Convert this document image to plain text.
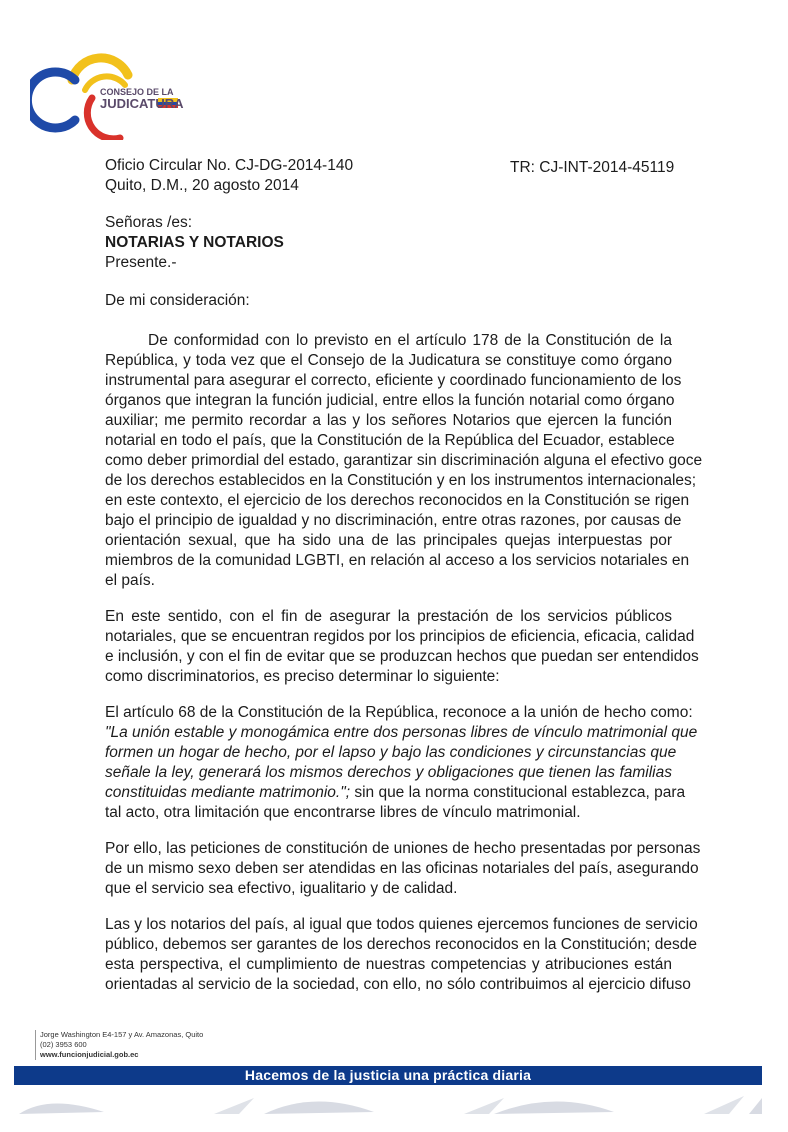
CONSEJO DE LA
JUDICATURA
Oficio Circular No. CJ-DG-2014-140
Quito, D.M., 20 agosto 2014
TR: CJ-INT-2014-45119
Señoras /es:
NOTARIAS Y NOTARIOS
Presente.-
De mi consideración:
De conformidad con lo previsto en el artículo 178 de la Constitución de la
República, y toda vez que el Consejo de la Judicatura se constituye como órgano
instrumental para asegurar el correcto, eficiente y coordinado funcionamiento de los
órganos que integran la función judicial, entre ellos la función notarial como órgano
auxiliar; me permito recordar a las y los señores Notarios que ejercen la función
notarial en todo el país, que la Constitución de la República del Ecuador, establece
como deber primordial del estado, garantizar sin discriminación alguna el efectivo goce
de los derechos establecidos en la Constitución y en los instrumentos internacionales;
en este contexto, el ejercicio de los derechos reconocidos en la Constitución se rigen
bajo el principio de igualdad y no discriminación, entre otras razones, por causas de
orientación sexual, que ha sido una de las principales quejas interpuestas por
miembros de la comunidad LGBTI, en relación al acceso a los servicios notariales en
el país.
En este sentido, con el fin de asegurar la prestación de los servicios públicos
notariales, que se encuentran regidos por los principios de eficiencia, eficacia, calidad
e inclusión, y con el fin de evitar que se produzcan hechos que puedan ser entendidos
como discriminatorios, es preciso determinar lo siguiente:
El artículo 68 de la Constitución de la República, reconoce a la unión de hecho como:
"La unión estable y monogámica entre dos personas libres de vínculo matrimonial que
formen un hogar de hecho, por el lapso y bajo las condiciones y circunstancias que
señale la ley, generará los mismos derechos y obligaciones que tienen las familias
constituidas mediante matrimonio."; sin que la norma constitucional establezca, para
tal acto, otra limitación que encontrarse libres de vínculo matrimonial.
Por ello, las peticiones de constitución de uniones de hecho presentadas por personas
de un mismo sexo deben ser atendidas en las oficinas notariales del país, asegurando
que el servicio sea efectivo, igualitario y de calidad.
Las y los notarios del país, al igual que todos quienes ejercemos funciones de servicio
público, debemos ser garantes de los derechos reconocidos en la Constitución; desde
esta perspectiva, el cumplimiento de nuestras competencias y atribuciones están
orientadas al servicio de la sociedad, con ello, no sólo contribuimos al ejercicio difuso
Jorge Washington E4-157 y Av. Amazonas, Quito
(02) 3953 600
www.funcionjudicial.gob.ec
Hacemos de la justicia una práctica diaria
